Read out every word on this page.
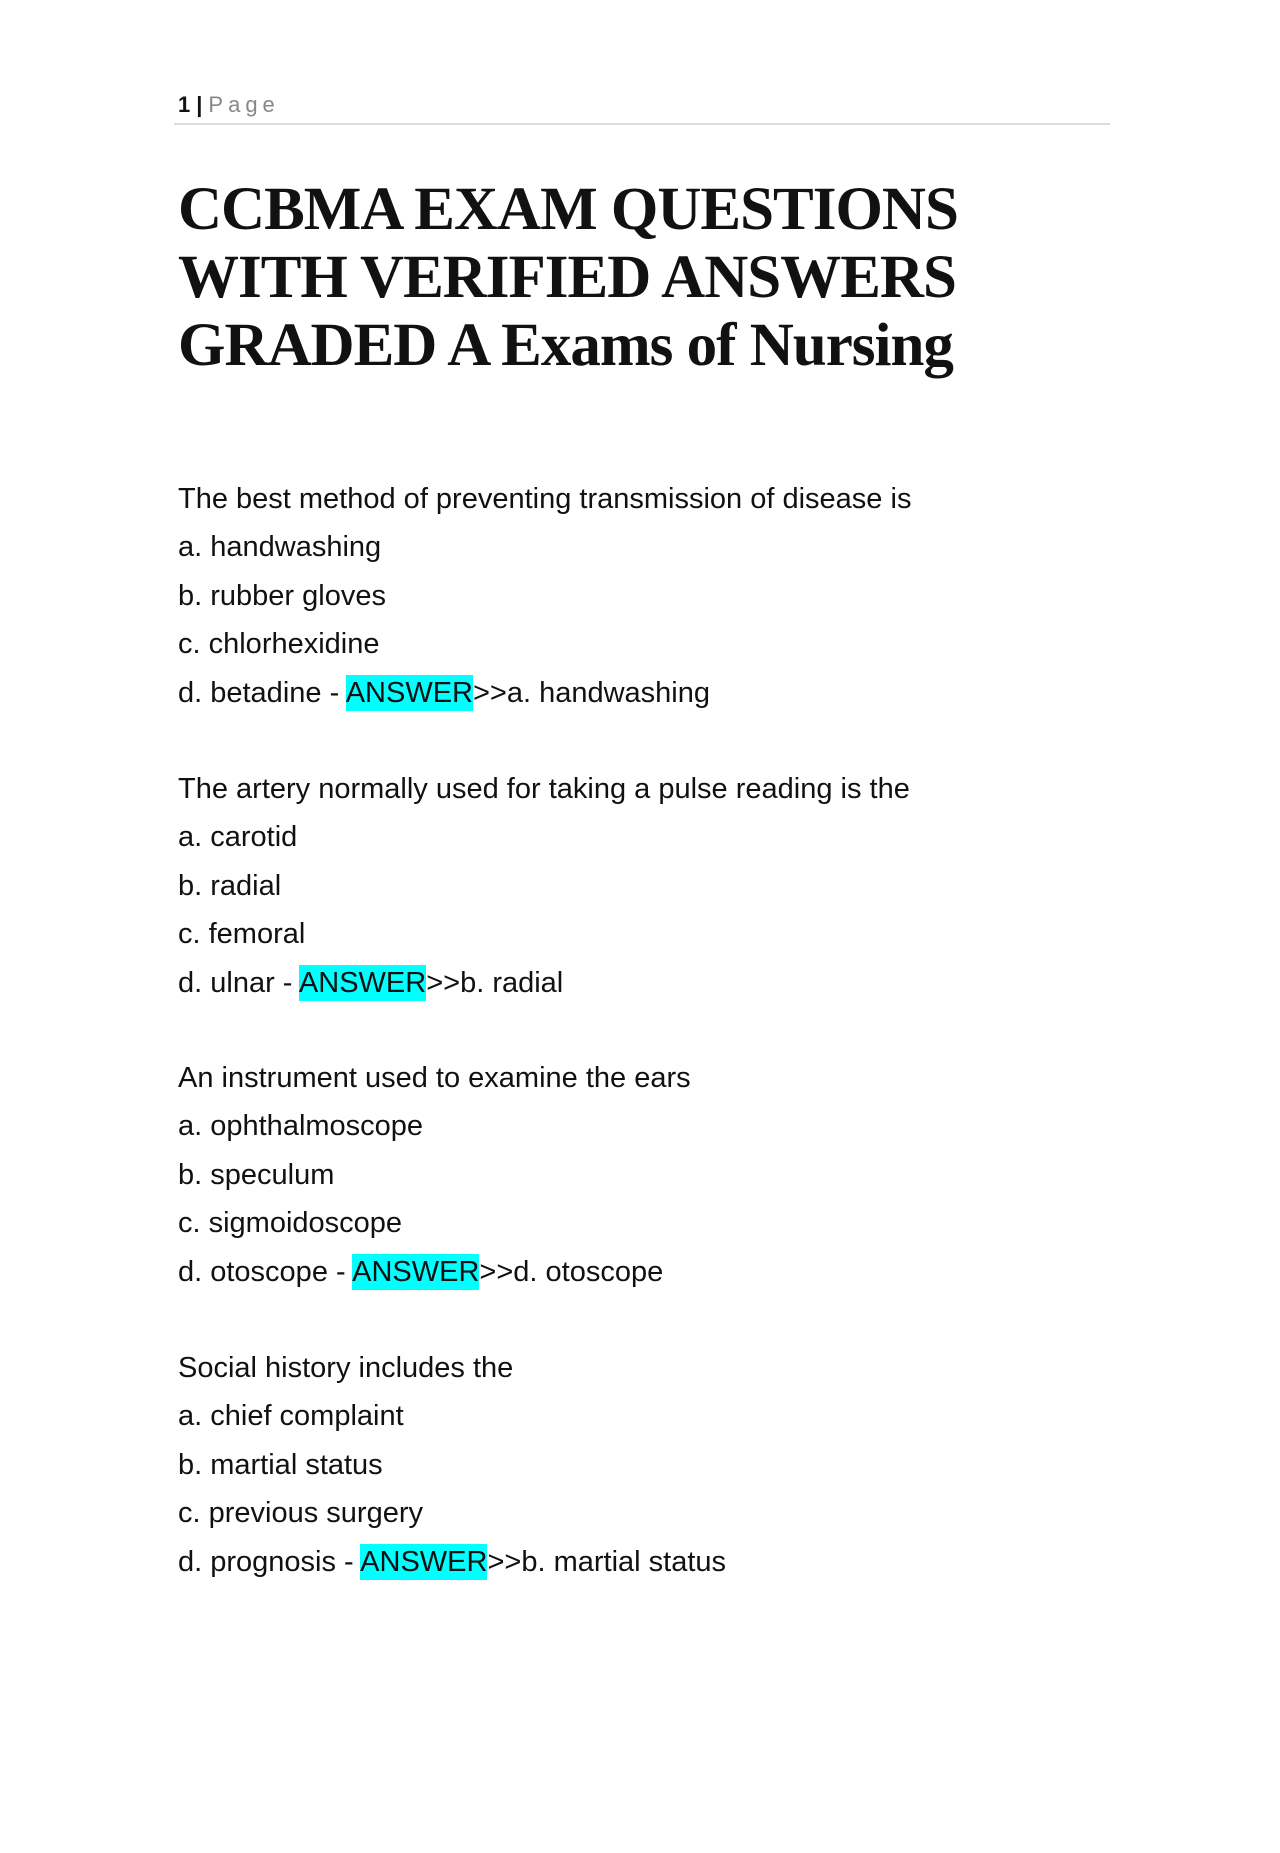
1 | Page
CCBMA EXAM QUESTIONS
WITH VERIFIED ANSWERS
GRADED A Exams of Nursing
The best method of preventing transmission of disease is
a. handwashing
b. rubber gloves
c. chlorhexidine
d. betadine - ANSWER>>a. handwashing
The artery normally used for taking a pulse reading is the
a. carotid
b. radial
c. femoral
d. ulnar - ANSWER>>b. radial
An instrument used to examine the ears
a. ophthalmoscope
b. speculum
c. sigmoidoscope
d. otoscope - ANSWER>>d. otoscope
Social history includes the
a. chief complaint
b. martial status
c. previous surgery
d. prognosis - ANSWER>>b. martial status
